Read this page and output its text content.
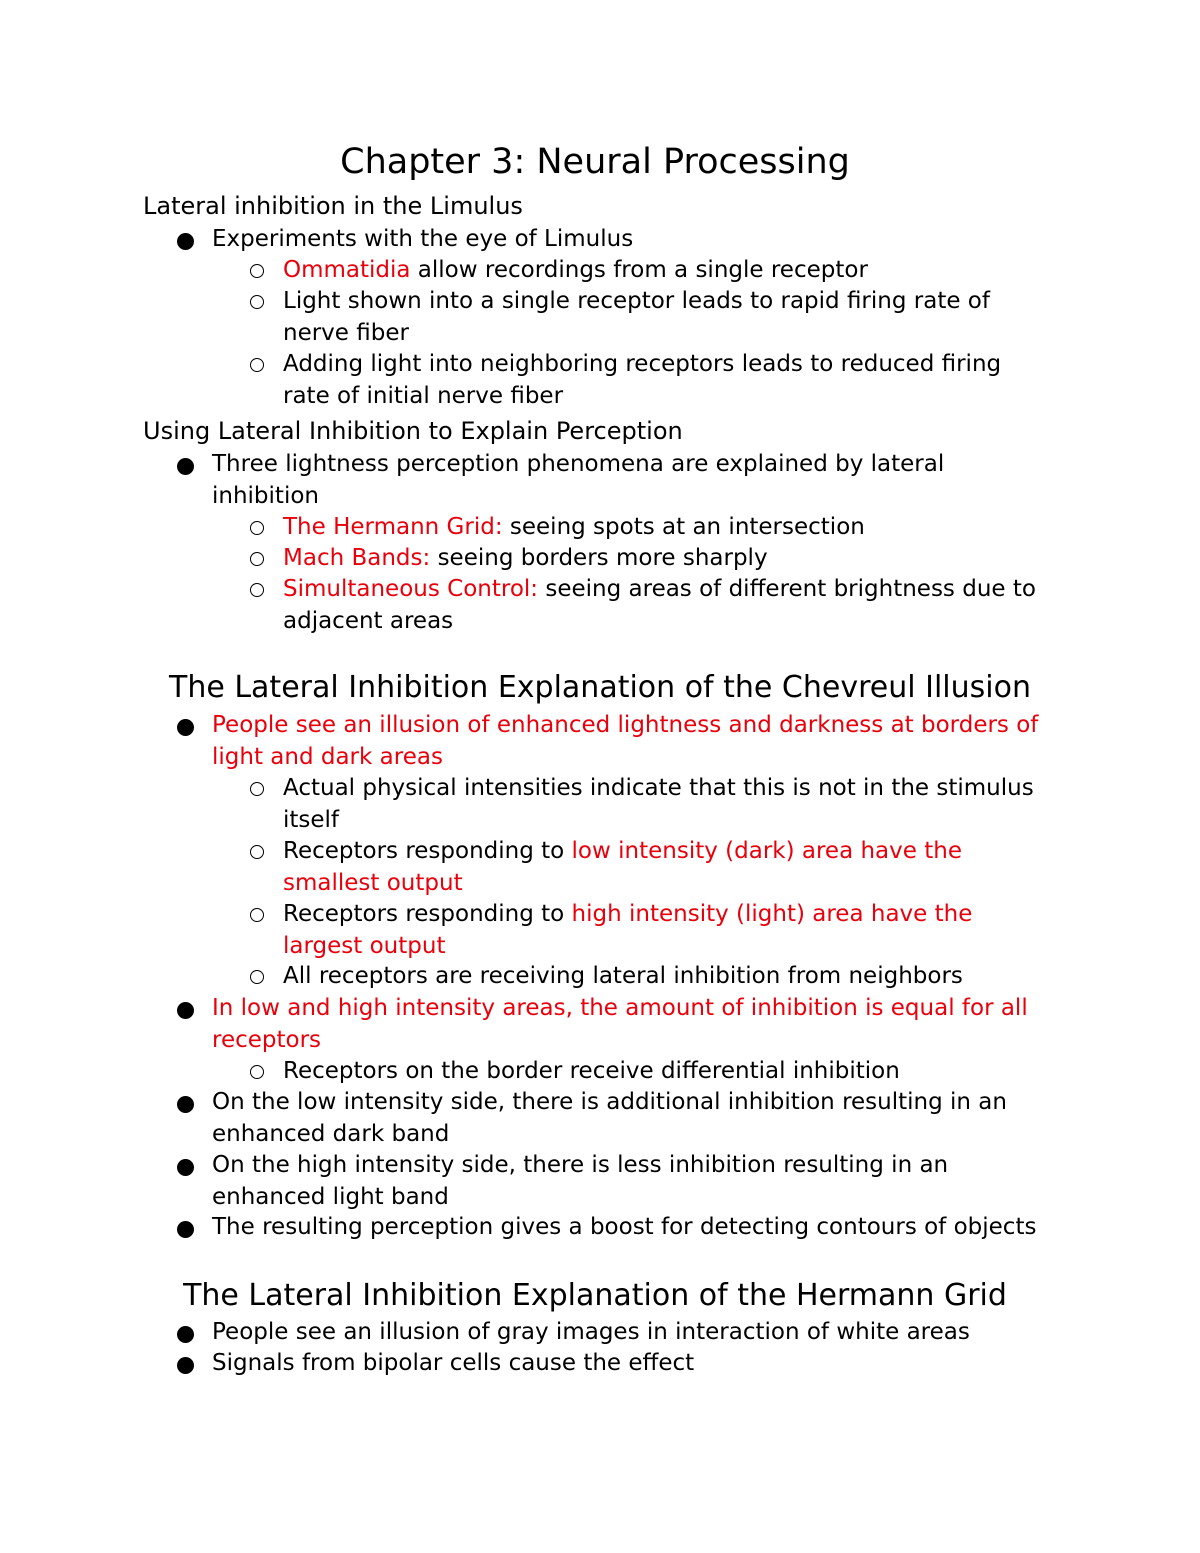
Chapter 3: Neural Processing
Lateral inhibition in the Limulus
Experiments with the eye of Limulus
Ommatidia allow recordings from a single receptor
Light shown into a single receptor leads to rapid firing rate of nerve fiber
Adding light into neighboring receptors leads to reduced firing rate of initial nerve fiber
Using Lateral Inhibition to Explain Perception
Three lightness perception phenomena are explained by lateral inhibition
The Hermann Grid: seeing spots at an intersection
Mach Bands: seeing borders more sharply
Simultaneous Control: seeing areas of different brightness due to adjacent areas
The Lateral Inhibition Explanation of the Chevreul Illusion
People see an illusion of enhanced lightness and darkness at borders of light and dark areas
Actual physical intensities indicate that this is not in the stimulus itself
Receptors responding to low intensity (dark) area have the smallest output
Receptors responding to high intensity (light) area have the largest output
All receptors are receiving lateral inhibition from neighbors
In low and high intensity areas, the amount of inhibition is equal for all receptors
Receptors on the border receive differential inhibition
On the low intensity side, there is additional inhibition resulting in an enhanced dark band
On the high intensity side, there is less inhibition resulting in an enhanced light band
The resulting perception gives a boost for detecting contours of objects
The Lateral Inhibition Explanation of the Hermann Grid
People see an illusion of gray images in interaction of white areas
Signals from bipolar cells cause the effect
